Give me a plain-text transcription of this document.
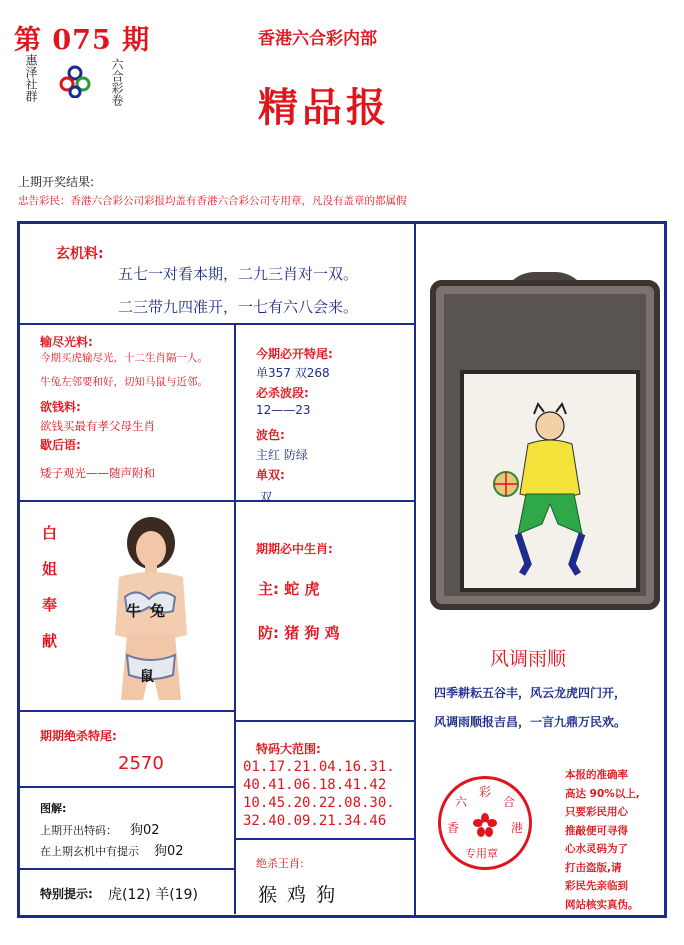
第 075 期
惠泽社群	六合彩卷
香港六合彩内部
精品报
上期开奖结果:
忠告彩民：香港六合彩公司彩报均盖有香港六合彩公司专用章，凡没有盖章的都属假
玄机料:
五七一对看本期，二九三肖对一双。
二三带九四准开，一七有六八会来。
输尽光料:
今期买虎输尽光，十二生肖隔一人。
牛兔左邻要和好，切知马鼠与近邻。
欲钱料:
欲钱买最有孝父母生肖
歇后语:
矮子观光——随声附和
今期必开特尾:
单357 双268
必杀波段:
12——23
波色:
主红 防绿
单双:
双
白姐奉献
牛 兔
鼠
期期必中生肖:
主: 蛇 虎
防: 猪 狗 鸡
风调雨顺
四季耕耘五谷丰，风云龙虎四门开，
风调雨顺报吉昌，一言九鼎万民欢。
期期绝杀特尾:
2570
特码大范围:
01.17.21.04.16.31.
40.41.06.18.41.42
10.45.20.22.08.30.
32.40.09.21.34.46
图解:
上期开出特码： 狗02
在上期玄机中有提示 狗02
特别提示: 虎(12) 羊(19)
绝杀王肖:
猴 鸡 狗
六
彩
合
香	港
专用章
本报的准确率
高达 90%以上,
只要彩民用心
推敲便可寻得
心水灵码为了
打击盗版,请
彩民先亲临到
网站核实真伪。
